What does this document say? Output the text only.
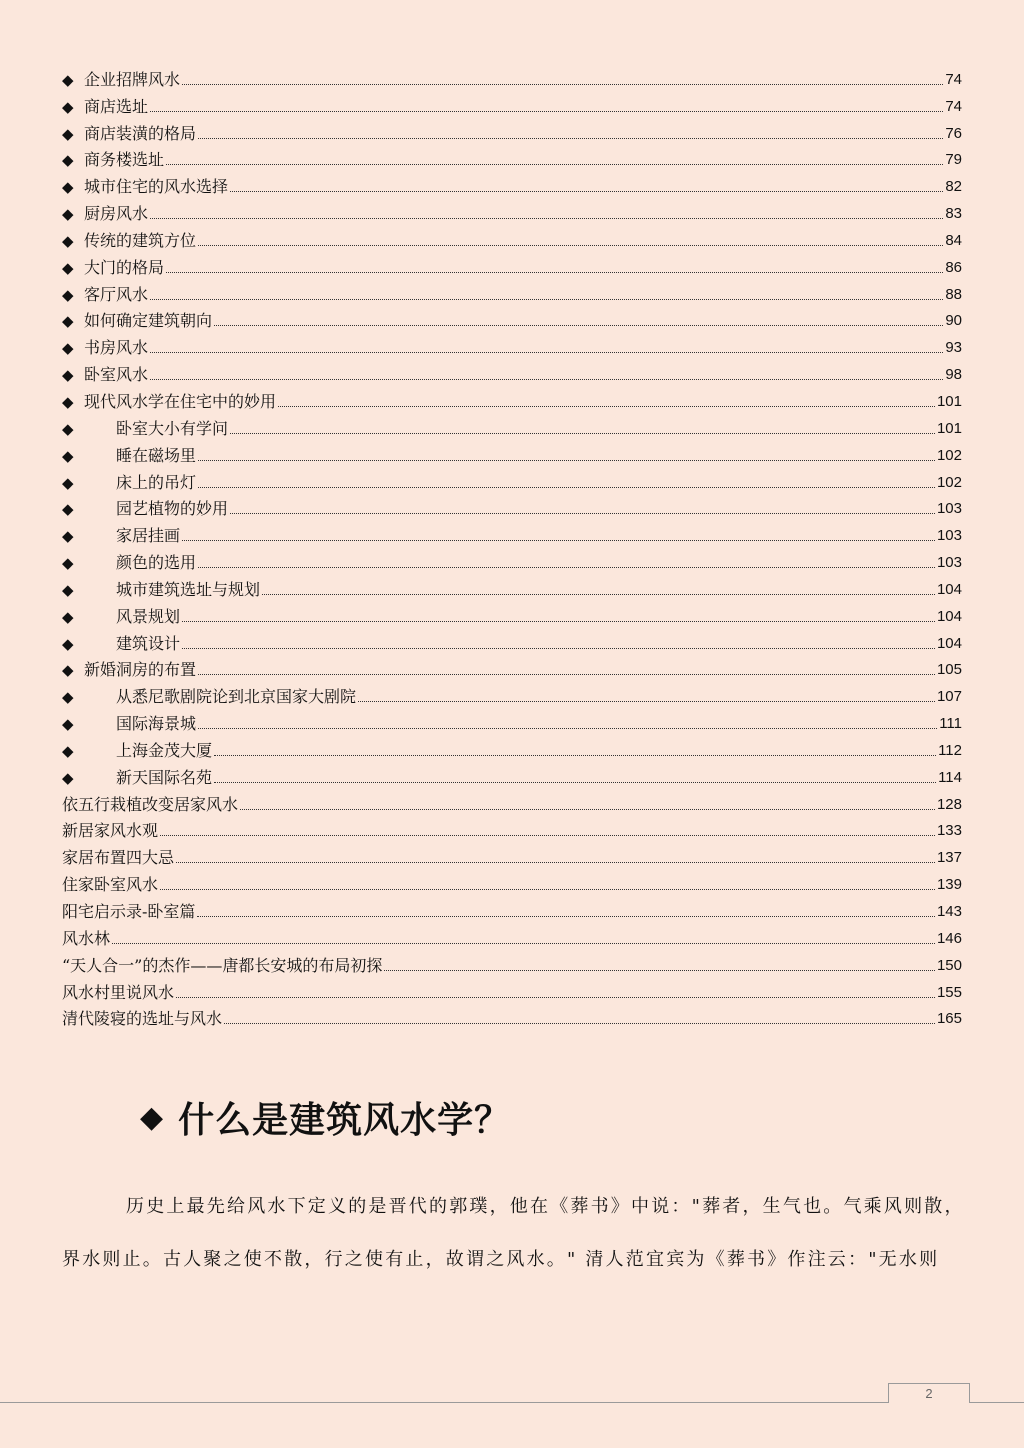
◆ 企业招牌风水	74
◆ 商店选址	74
◆ 商店装潢的格局	76
◆ 商务楼选址	79
◆ 城市住宅的风水选择	82
◆ 厨房风水	83
◆ 传统的建筑方位	84
◆ 大门的格局	86
◆ 客厅风水	88
◆ 如何确定建筑朝向	90
◆ 书房风水	93
◆ 卧室风水	98
◆ 现代风水学在住宅中的妙用	101
◆	卧室大小有学问	101
◆	睡在磁场里	102
◆	床上的吊灯	102
◆	园艺植物的妙用	103
◆	家居挂画	103
◆	颜色的选用	103
◆	城市建筑选址与规划	104
◆	风景规划	104
◆	建筑设计	104
◆ 新婚洞房的布置	105
◆	从悉尼歌剧院论到北京国家大剧院	107
◆	国际海景城	111
◆	上海金茂大厦	112
◆	新天国际名苑	114
依五行栽植改变居家风水	128
新居家风水观	133
家居布置四大忌	137
住家卧室风水	139
阳宅启示录-卧室篇	143
风水林	146
“天人合一”的杰作——唐都长安城的布局初探	150
风水村里说风水	155
清代陵寝的选址与风水	165
◆ 什么是建筑风水学？
历史上最先给风水下定义的是晋代的郭璞，他在《葬书》中说："葬者，生气也。气乘风则散，
界水则止。古人聚之使不散，行之使有止，故谓之风水。" 清人范宜宾为《葬书》作注云："无水则
2
